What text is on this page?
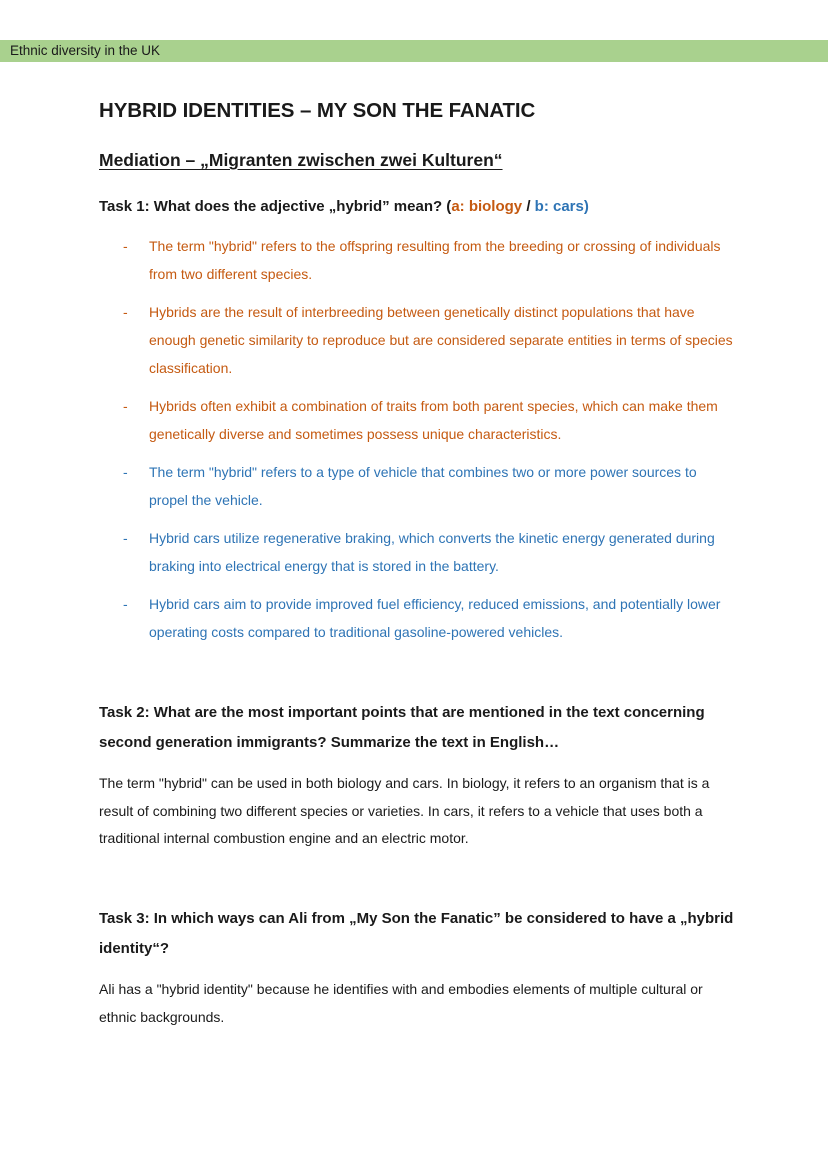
Ethnic diversity in the UK
HYBRID IDENTITIES – MY SON THE FANATIC
Mediation – „Migranten zwischen zwei Kulturen“

Task 1: What does the adjective „hybrid” mean? (a: biology / b: cars)

- The term "hybrid" refers to the offspring resulting from the breeding or crossing of individuals from two different species.
- Hybrids are the result of interbreeding between genetically distinct populations that have enough genetic similarity to reproduce but are considered separate entities in terms of species classification.
- Hybrids often exhibit a combination of traits from both parent species, which can make them genetically diverse and sometimes possess unique characteristics.
- The term "hybrid" refers to a type of vehicle that combines two or more power sources to propel the vehicle.
- Hybrid cars utilize regenerative braking, which converts the kinetic energy generated during braking into electrical energy that is stored in the battery.
- Hybrid cars aim to provide improved fuel efficiency, reduced emissions, and potentially lower operating costs compared to traditional gasoline-powered vehicles.

Task 2: What are the most important points that are mentioned in the text concerning second generation immigrants? Summarize the text in English…

The term "hybrid" can be used in both biology and cars. In biology, it refers to an organism that is a result of combining two different species or varieties. In cars, it refers to a vehicle that uses both a traditional internal combustion engine and an electric motor.

Task 3: In which ways can Ali from „My Son the Fanatic” be considered to have a „hybrid identity“?

Ali has a "hybrid identity" because he identifies with and embodies elements of multiple cultural or ethnic backgrounds.
